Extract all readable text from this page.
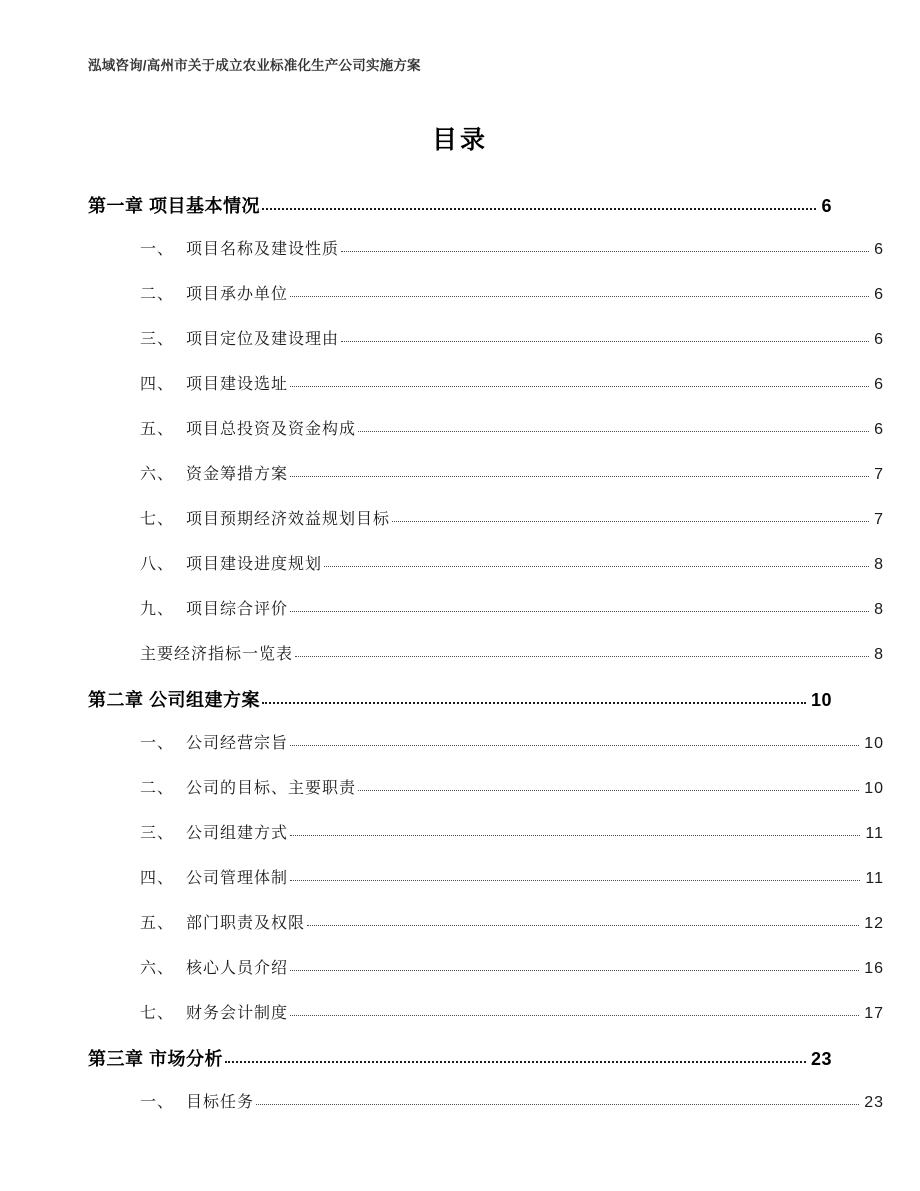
泓域咨询/高州市关于成立农业标准化生产公司实施方案
目录
第一章 项目基本情况	6
一、 项目名称及建设性质	6
二、 项目承办单位	6
三、 项目定位及建设理由	6
四、 项目建设选址	6
五、 项目总投资及资金构成	6
六、 资金筹措方案	7
七、 项目预期经济效益规划目标	7
八、 项目建设进度规划	8
九、 项目综合评价	8
主要经济指标一览表	8
第二章 公司组建方案	10
一、 公司经营宗旨	10
二、 公司的目标、主要职责	10
三、 公司组建方式	11
四、 公司管理体制	11
五、 部门职责及权限	12
六、 核心人员介绍	16
七、 财务会计制度	17
第三章 市场分析	23
一、 目标任务	23
